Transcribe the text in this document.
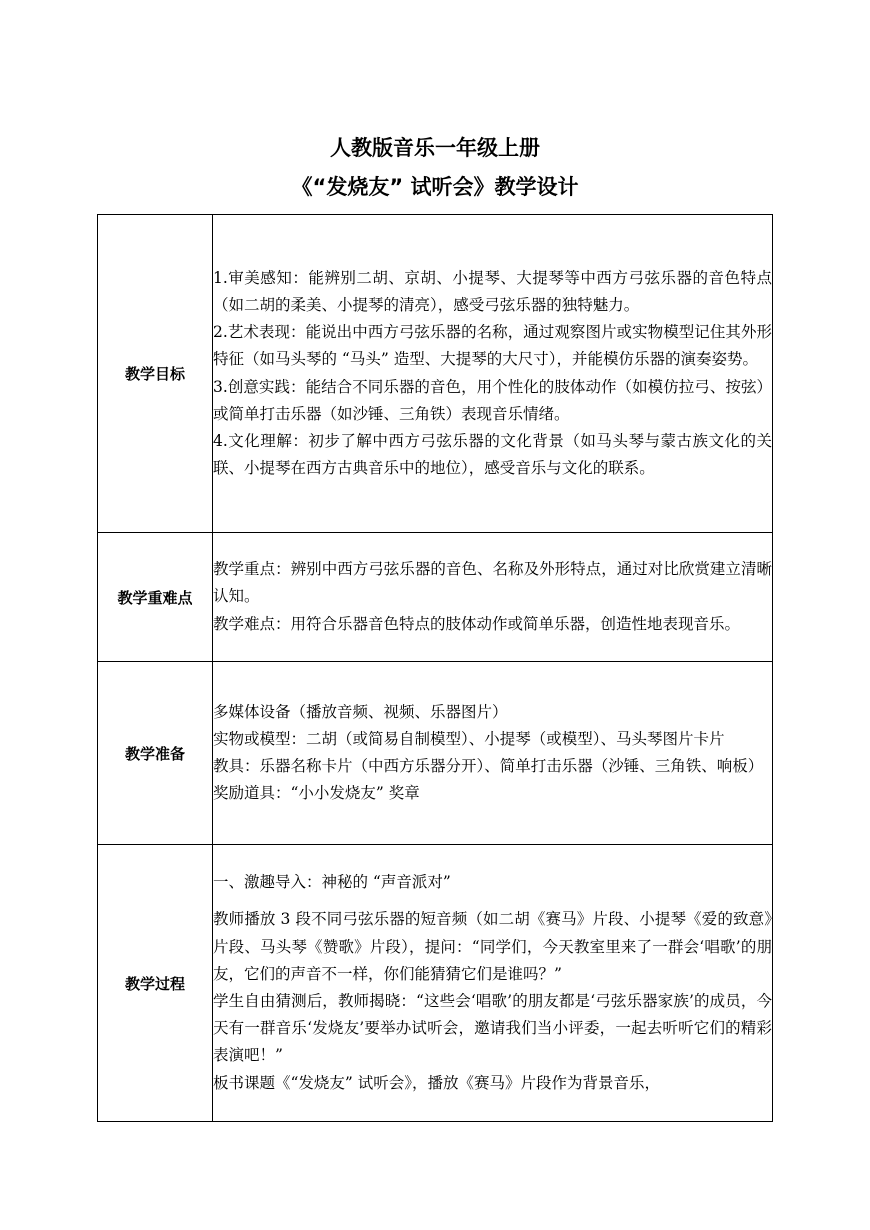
人教版音乐一年级上册
《“发烧友” 试听会》教学设计
教学目标	1.审美感知：能辨别二胡、京胡、小提琴、大提琴等中西方弓弦乐器的音色特点（如二胡的柔美、小提琴的清亮），感受弓弦乐器的独特魅力。

2.艺术表现：能说出中西方弓弦乐器的名称，通过观察图片或实物模型记住其外形特征（如马头琴的 “马头” 造型、大提琴的大尺寸），并能模仿乐器的演奏姿势。

3.创意实践：能结合不同乐器的音色，用个性化的肢体动作（如模仿拉弓、按弦）或简单打击乐器（如沙锤、三角铁）表现音乐情绪。

4.文化理解：初步了解中西方弓弦乐器的文化背景（如马头琴与蒙古族文化的关联、小提琴在西方古典音乐中的地位），感受音乐与文化的联系。

教学重难点	教学重点：辨别中西方弓弦乐器的音色、名称及外形特点，通过对比欣赏建立清晰认知。

教学难点：用符合乐器音色特点的肢体动作或简单乐器，创造性地表现音乐。

教学准备	多媒体设备（播放音频、视频、乐器图片）

实物或模型：二胡（或简易自制模型）、小提琴（或模型）、马头琴图片卡片

教具：乐器名称卡片（中西方乐器分开）、简单打击乐器（沙锤、三角铁、响板）

奖励道具：“小小发烧友” 奖章

教学过程	一、激趣导入：神秘的 “声音派对”

教师播放 3 段不同弓弦乐器的短音频（如二胡《赛马》片段、小提琴《爱的致意》片段、马头琴《赞歌》片段），提问：“同学们，今天教室里来了一群会‘唱歌’的朋友，它们的声音不一样，你们能猜猜它们是谁吗？”

学生自由猜测后，教师揭晓：“这些会‘唱歌’的朋友都是‘弓弦乐器家族’的成员，今天有一群音乐‘发烧友’要举办试听会，邀请我们当小评委，一起去听听它们的精彩表演吧！”

板书课题《“发烧友” 试听会》，播放《赛马》片段作为背景音乐，
